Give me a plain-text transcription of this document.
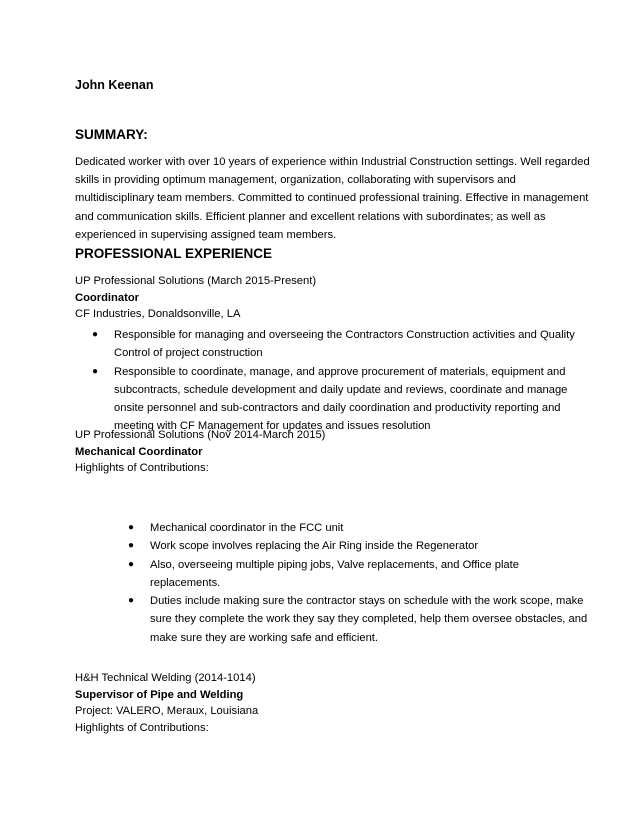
John Keenan
SUMMARY:
Dedicated worker with over 10 years of experience within Industrial Construction settings. Well regarded skills in providing optimum management, organization, collaborating with supervisors and multidisciplinary team members. Committed to continued professional training. Effective in management and communication skills. Efficient planner and excellent relations with subordinates; as well as experienced in supervising assigned team members.
PROFESSIONAL EXPERIENCE
UP Professional Solutions (March 2015-Present)
Coordinator
CF Industries, Donaldsonville, LA
● Responsible for managing and overseeing the Contractors Construction activities and Quality Control of project construction
● Responsible to coordinate, manage, and approve procurement of materials, equipment and subcontracts, schedule development and daily update and reviews, coordinate and manage onsite personnel and sub-contractors and daily coordination and productivity reporting and meeting with CF Management for updates and issues resolution
UP Professional Solutions (Nov 2014-March 2015)
Mechanical Coordinator
Highlights of Contributions:
● Mechanical coordinator in the FCC unit
● Work scope involves replacing the Air Ring inside the Regenerator
● Also, overseeing multiple piping jobs, Valve replacements, and Office plate replacements.
● Duties include making sure the contractor stays on schedule with the work scope, make sure they complete the work they say they completed, help them oversee obstacles, and make sure they are working safe and efficient.
H&H Technical Welding (2014-1014)
Supervisor of Pipe and Welding
Project: VALERO, Meraux, Louisiana
Highlights of Contributions:
